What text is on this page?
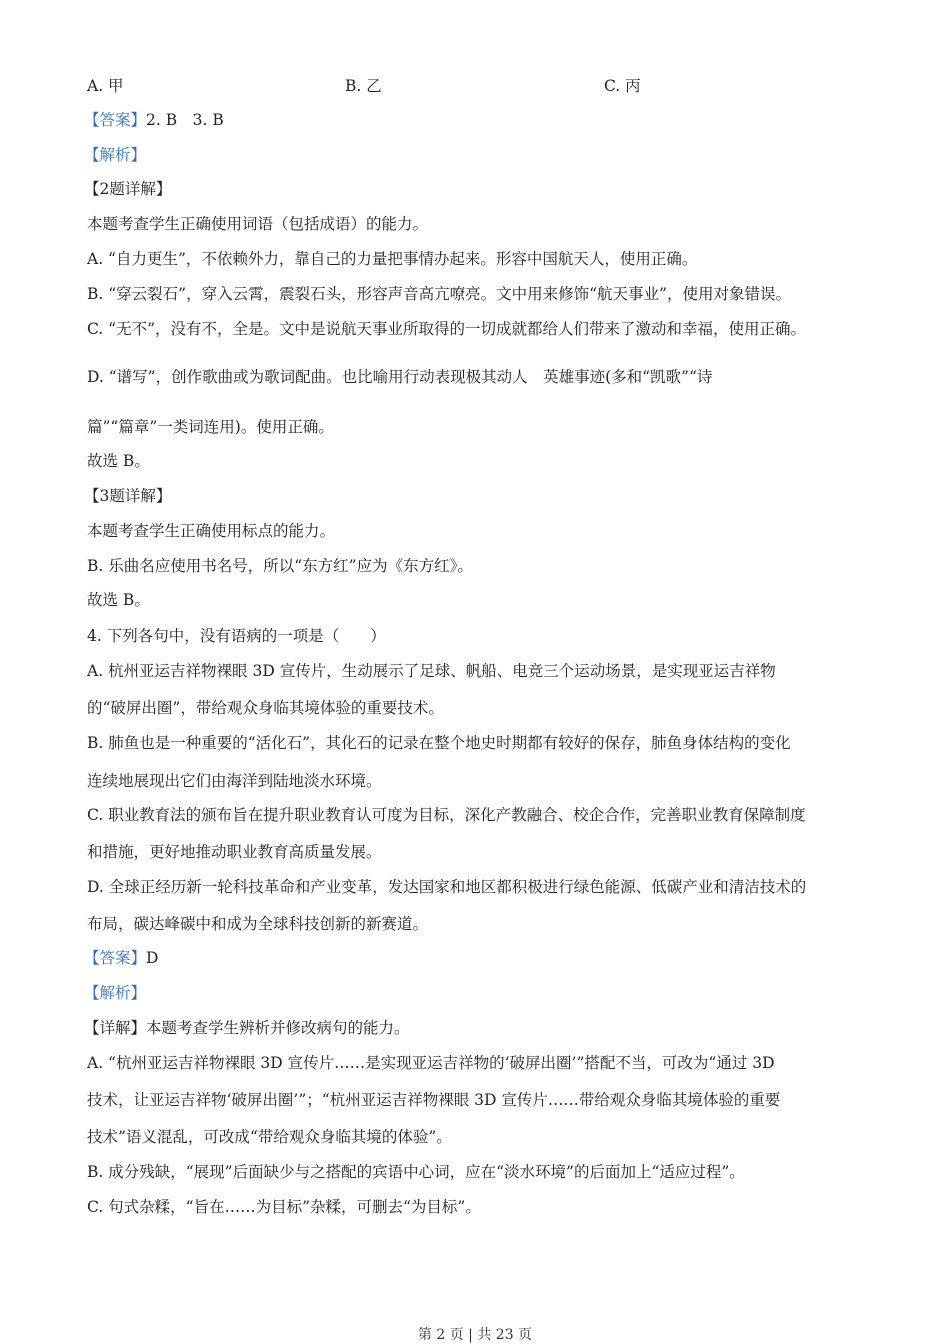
A. 甲	B. 乙	C. 丙
【答案】2. B　3. B
【解析】
【2题详解】
本题考查学生正确使用词语（包括成语）的能力。
A. “自力更生”，不依赖外力，靠自己的力量把事情办起来。形容中国航天人，使用正确。
B. “穿云裂石”，穿入云霄，震裂石头，形容声音高亢嘹亮。文中用来修饰“航天事业”，使用对象错误。
C. “无不”，没有不，全是。文中是说航天事业所取得的一切成就都给人们带来了激动和幸福，使用正确。
D. “谱写”，创作歌曲或为歌词配曲。也比喻用行动表现极其动人　英雄事迹(多和“凯歌”“诗
篇”“篇章”一类词连用)。使用正确。
故选 B。
【3题详解】
本题考查学生正确使用标点的能力。
B. 乐曲名应使用书名号，所以“东方红”应为《东方红》。
故选 B。
4. 下列各句中，没有语病的一项是（　　）
A. 杭州亚运吉祥物裸眼 3D 宣传片，生动展示了足球、帆船、电竞三个运动场景，是实现亚运吉祥物
的“破屏出圈”，带给观众身临其境体验的重要技术。
B. 肺鱼也是一种重要的“活化石”，其化石的记录在整个地史时期都有较好的保存，肺鱼身体结构的变化
连续地展现出它们由海洋到陆地淡水环境。
C. 职业教育法的颁布旨在提升职业教育认可度为目标，深化产教融合、校企合作，完善职业教育保障制度
和措施，更好地推动职业教育高质量发展。
D. 全球正经历新一轮科技革命和产业变革，发达国家和地区都积极进行绿色能源、低碳产业和清洁技术的
布局，碳达峰碳中和成为全球科技创新的新赛道。
【答案】D
【解析】
【详解】本题考查学生辨析并修改病句的能力。
A. “杭州亚运吉祥物裸眼 3D 宣传片……是实现亚运吉祥物的‘破屏出圈’”搭配不当，可改为“通过 3D
技术，让亚运吉祥物‘破屏出圈’”；“杭州亚运吉祥物裸眼 3D 宣传片……带给观众身临其境体验的重要
技术”语义混乱，可改成“带给观众身临其境的体验”。
B. 成分残缺，“展现”后面缺少与之搭配的宾语中心词，应在“淡水环境”的后面加上“适应过程”。
C. 句式杂糅，“旨在……为目标”杂糅，可删去“为目标”。
第 2 页 | 共 23 页
